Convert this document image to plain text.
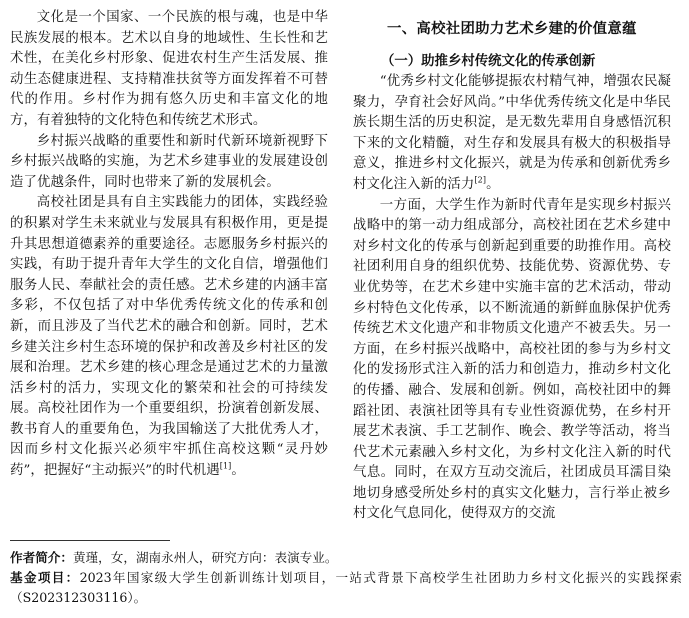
文化是一个国家、一个民族的根与魂，也是中华民族发展的根本。艺术以自身的地域性、生长性和艺术性，在美化乡村形象、促进农村生产生活发展、推动生态健康进程、支持精准扶贫等方面发挥着不可替代的作用。乡村作为拥有悠久历史和丰富文化的地方，有着独特的文化特色和传统艺术形式。

乡村振兴战略的重要性和新时代新环境新视野下乡村振兴战略的实施，为艺术乡建事业的发展建设创造了优越条件，同时也带来了新的发展机会。

高校社团是具有自主实践能力的团体，实践经验的积累对学生未来就业与发展具有积极作用，更是提升其思想道德素养的重要途径。志愿服务乡村振兴的实践，有助于提升青年大学生的文化自信，增强他们服务人民、奉献社会的责任感。艺术乡建的内涵丰富多彩，不仅包括了对中华优秀传统文化的传承和创新，而且涉及了当代艺术的融合和创新。同时，艺术乡建关注乡村生态环境的保护和改善及乡村社区的发展和治理。艺术乡建的核心理念是通过艺术的力量激活乡村的活力，实现文化的繁荣和社会的可持续发展。高校社团作为一个重要组织，扮演着创新发展、教书育人的重要角色，为我国输送了大批优秀人才，因而乡村文化振兴必须牢牢抓住高校这颗“灵丹妙药”，把握好“主动振兴”的时代机遇[1]。

一、高校社团助力艺术乡建的价值意蕴
（一）助推乡村传统文化的传承创新

“优秀乡村文化能够提振农村精气神，增强农民凝聚力，孕育社会好风尚。”中华优秀传统文化是中华民族长期生活的历史积淀，是无数先辈用自身感悟沉积下来的文化精髓，对生存和发展具有极大的积极指导意义，推进乡村文化振兴，就是为传承和创新优秀乡村文化注入新的活力[2]。

一方面，大学生作为新时代青年是实现乡村振兴战略中的第一动力组成部分，高校社团在艺术乡建中对乡村文化的传承与创新起到重要的助推作用。高校社团利用自身的组织优势、技能优势、资源优势、专业优势等，在艺术乡建中实施丰富的艺术活动，带动乡村特色文化传承，以不断流通的新鲜血脉保护优秀传统艺术文化遗产和非物质文化遗产不被丢失。另一方面，在乡村振兴战略中，高校社团的参与为乡村文化的发扬形式注入新的活力和创造力，推动乡村文化的传播、融合、发展和创新。例如，高校社团中的舞蹈社团、表演社团等具有专业性资源优势，在乡村开展艺术表演、手工艺制作、晚会、教学等活动，将当代艺术元素融入乡村文化，为乡村文化注入新的时代气息。同时，在双方互动交流后，社团成员耳濡目染地切身感受所处乡村的真实文化魅力，言行举止被乡村文化气息同化，使得双方的交流

作者简介：黄瑾，女，湖南永州人，研究方向：表演专业。

基金项目：2023年国家级大学生创新训练计划项目，一站式背景下高校学生社团助力乡村文化振兴的实践探索（S202312303116）。
